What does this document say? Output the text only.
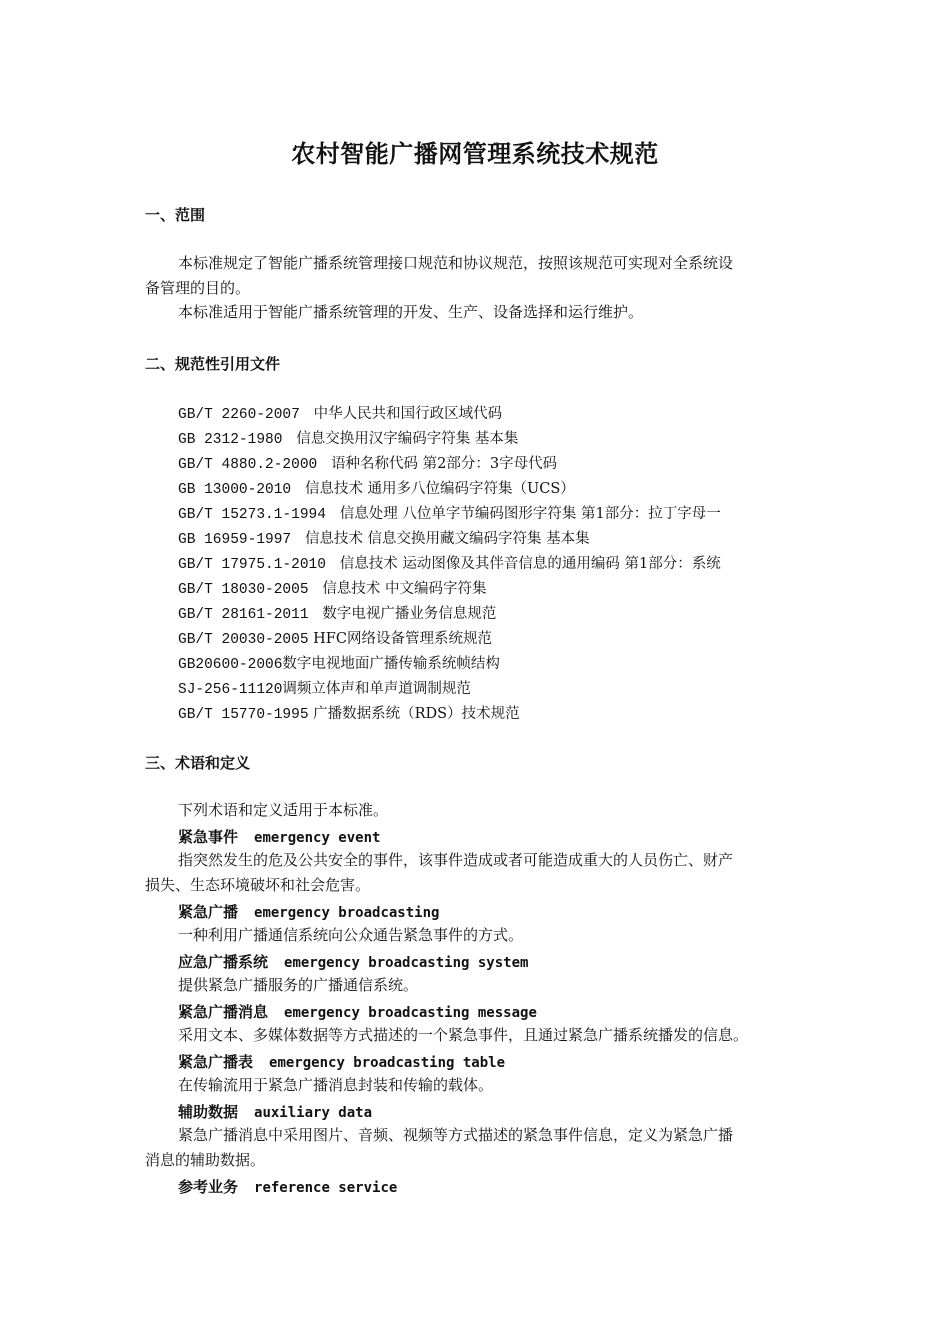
农村智能广播网管理系统技术规范
一、范围
本标准规定了智能广播系统管理接口规范和协议规范，按照该规范可实现对全系统设
备管理的目的。
本标准适用于智能广播系统管理的开发、生产、设备选择和运行维护。
二、规范性引用文件
GB/T 2260-2007 中华人民共和国行政区域代码
GB 2312-1980 信息交换用汉字编码字符集 基本集
GB/T 4880.2-2000 语种名称代码 第2部分：3字母代码
GB 13000-2010 信息技术 通用多八位编码字符集（UCS）
GB/T 15273.1-1994 信息处理 八位单字节编码图形字符集 第1部分：拉丁字母一
GB 16959-1997 信息技术 信息交换用藏文编码字符集 基本集
GB/T 17975.1-2010 信息技术 运动图像及其伴音信息的通用编码 第1部分：系统
GB/T 18030-2005 信息技术 中文编码字符集
GB/T 28161-2011 数字电视广播业务信息规范
GB/T 20030-2005 HFC网络设备管理系统规范
GB20600-2006数字电视地面广播传输系统帧结构
SJ-256-11120调频立体声和单声道调制规范
GB/T 15770-1995 广播数据系统（RDS）技术规范
三、术语和定义
下列术语和定义适用于本标准。
紧急事件 emergency event
指突然发生的危及公共安全的事件，该事件造成或者可能造成重大的人员伤亡、财产
损失、生态环境破坏和社会危害。
紧急广播 emergency broadcasting
一种利用广播通信系统向公众通告紧急事件的方式。
应急广播系统 emergency broadcasting system
提供紧急广播服务的广播通信系统。
紧急广播消息 emergency broadcasting message
采用文本、多媒体数据等方式描述的一个紧急事件，且通过紧急广播系统播发的信息。
紧急广播表 emergency broadcasting table
在传输流用于紧急广播消息封装和传输的载体。
辅助数据 auxiliary data
紧急广播消息中采用图片、音频、视频等方式描述的紧急事件信息，定义为紧急广播
消息的辅助数据。
参考业务 reference service
